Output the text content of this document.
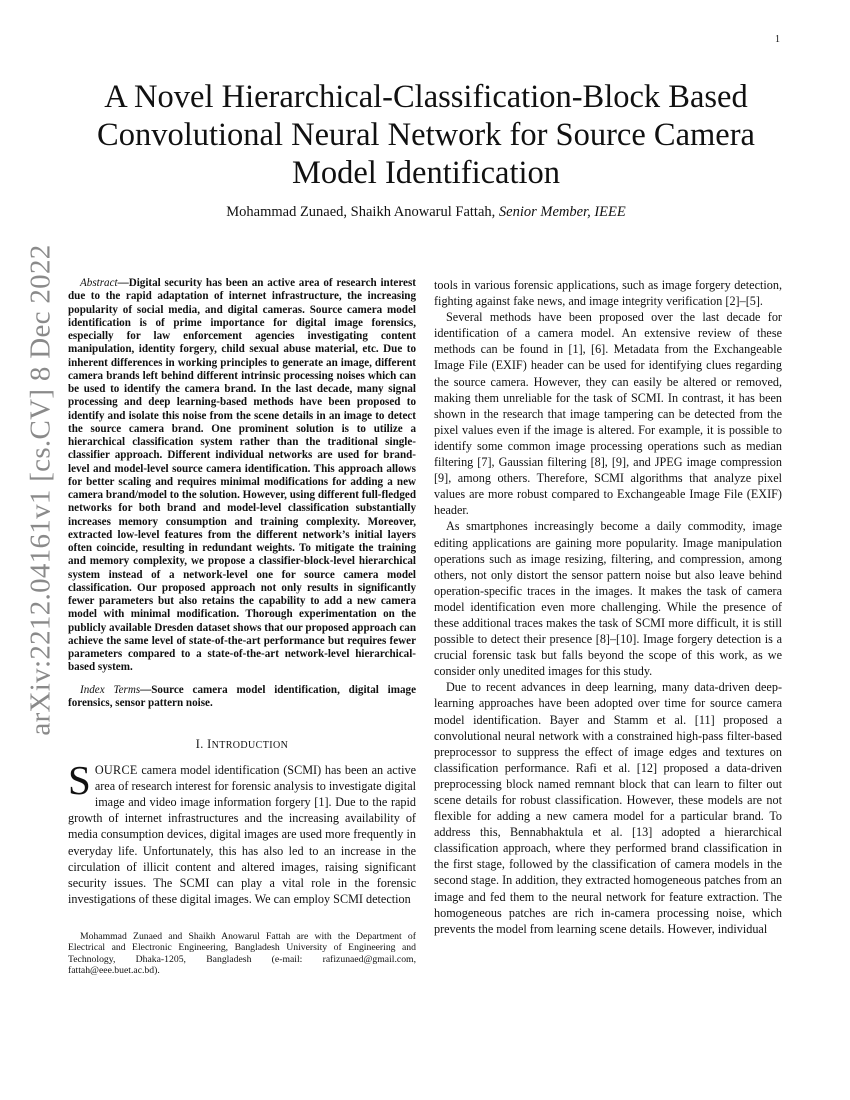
1
arXiv:2212.04161v1 [cs.CV] 8 Dec 2022
A Novel Hierarchical-Classification-Block Based Convolutional Neural Network for Source Camera Model Identification
Mohammad Zunaed, Shaikh Anowarul Fattah, Senior Member, IEEE

Abstract—Digital security has been an active area of research interest due to the rapid adaptation of internet infrastructure, the increasing popularity of social media, and digital cameras. Source camera model identification is of prime importance for digital image forensics, especially for law enforcement agencies investigating content manipulation, identity forgery, child sexual abuse material, etc. Due to inherent differences in working principles to generate an image, different camera brands left behind different intrinsic processing noises which can be used to identify the camera brand. In the last decade, many signal processing and deep learning-based methods have been proposed to identify and isolate this noise from the scene details in an image to detect the source camera brand. One prominent solution is to utilize a hierarchical classification system rather than the traditional single-classifier approach. Different individual networks are used for brand-level and model-level source camera identification. This approach allows for better scaling and requires minimal modifications for adding a new camera brand/model to the solution. However, using different full-fledged networks for both brand and model-level classification substantially increases memory consumption and training complexity. Moreover, extracted low-level features from the different network’s initial layers often coincide, resulting in redundant weights. To mitigate the training and memory complexity, we propose a classifier-block-level hierarchical system instead of a network-level one for source camera model classification. Our proposed approach not only results in significantly fewer parameters but also retains the capability to add a new camera model with minimal modification. Thorough experimentation on the publicly available Dresden dataset shows that our proposed approach can achieve the same level of state-of-the-art performance but requires fewer parameters compared to a state-of-the-art network-level hierarchical-based system.

Index Terms—Source camera model identification, digital image forensics, sensor pattern noise.

I. INTRODUCTION

SOURCE camera model identification (SCMI) has been an active area of research interest for forensic analysis to investigate digital image and video image information forgery [1]. Due to the rapid growth of internet infrastructures and the increasing availability of media consumption devices, digital images are used more frequently in everyday life. Unfortunately, this has also led to an increase in the circulation of illicit content and altered images, raising significant security issues. The SCMI can play a vital role in the forensic investigations of these digital images. We can employ SCMI detection

Mohammad Zunaed and Shaikh Anowarul Fattah are with the Department of Electrical and Electronic Engineering, Bangladesh University of Engineering and Technology, Dhaka-1205, Bangladesh (e-mail: rafizunaed@gmail.com, fattah@eee.buet.ac.bd).

tools in various forensic applications, such as image forgery detection, fighting against fake news, and image integrity verification [2]–[5].

Several methods have been proposed over the last decade for identification of a camera model. An extensive review of these methods can be found in [1], [6]. Metadata from the Exchangeable Image File (EXIF) header can be used for identifying clues regarding the source camera. However, they can easily be altered or removed, making them unreliable for the task of SCMI. In contrast, it has been shown in the research that image tampering can be detected from the pixel values even if the image is altered. For example, it is possible to identify some common image processing operations such as median filtering [7], Gaussian filtering [8], [9], and JPEG image compression [9], among others. Therefore, SCMI algorithms that analyze pixel values are more robust compared to Exchangeable Image File (EXIF) header.

As smartphones increasingly become a daily commodity, image editing applications are gaining more popularity. Image manipulation operations such as image resizing, filtering, and compression, among others, not only distort the sensor pattern noise but also leave behind operation-specific traces in the images. It makes the task of camera model identification even more challenging. While the presence of these additional traces makes the task of SCMI more difficult, it is still possible to detect their presence [8]–[10]. Image forgery detection is a crucial forensic task but falls beyond the scope of this work, as we consider only unedited images for this study.

Due to recent advances in deep learning, many data-driven deep-learning approaches have been adopted over time for source camera model identification. Bayer and Stamm et al. [11] proposed a convolutional neural network with a constrained high-pass filter-based preprocessor to suppress the effect of image edges and textures on classification performance. Rafi et al. [12] proposed a data-driven preprocessing block named remnant block that can learn to filter out scene details for robust classification. However, these models are not flexible for adding a new camera model for a particular brand. To address this, Bennabhaktula et al. [13] adopted a hierarchical classification approach, where they performed brand classification in the first stage, followed by the classification of camera models in the second stage. In addition, they extracted homogeneous patches from an image and fed them to the neural network for feature extraction. The homogeneous patches are rich in-camera processing noise, which prevents the model from learning scene details. However, individual
